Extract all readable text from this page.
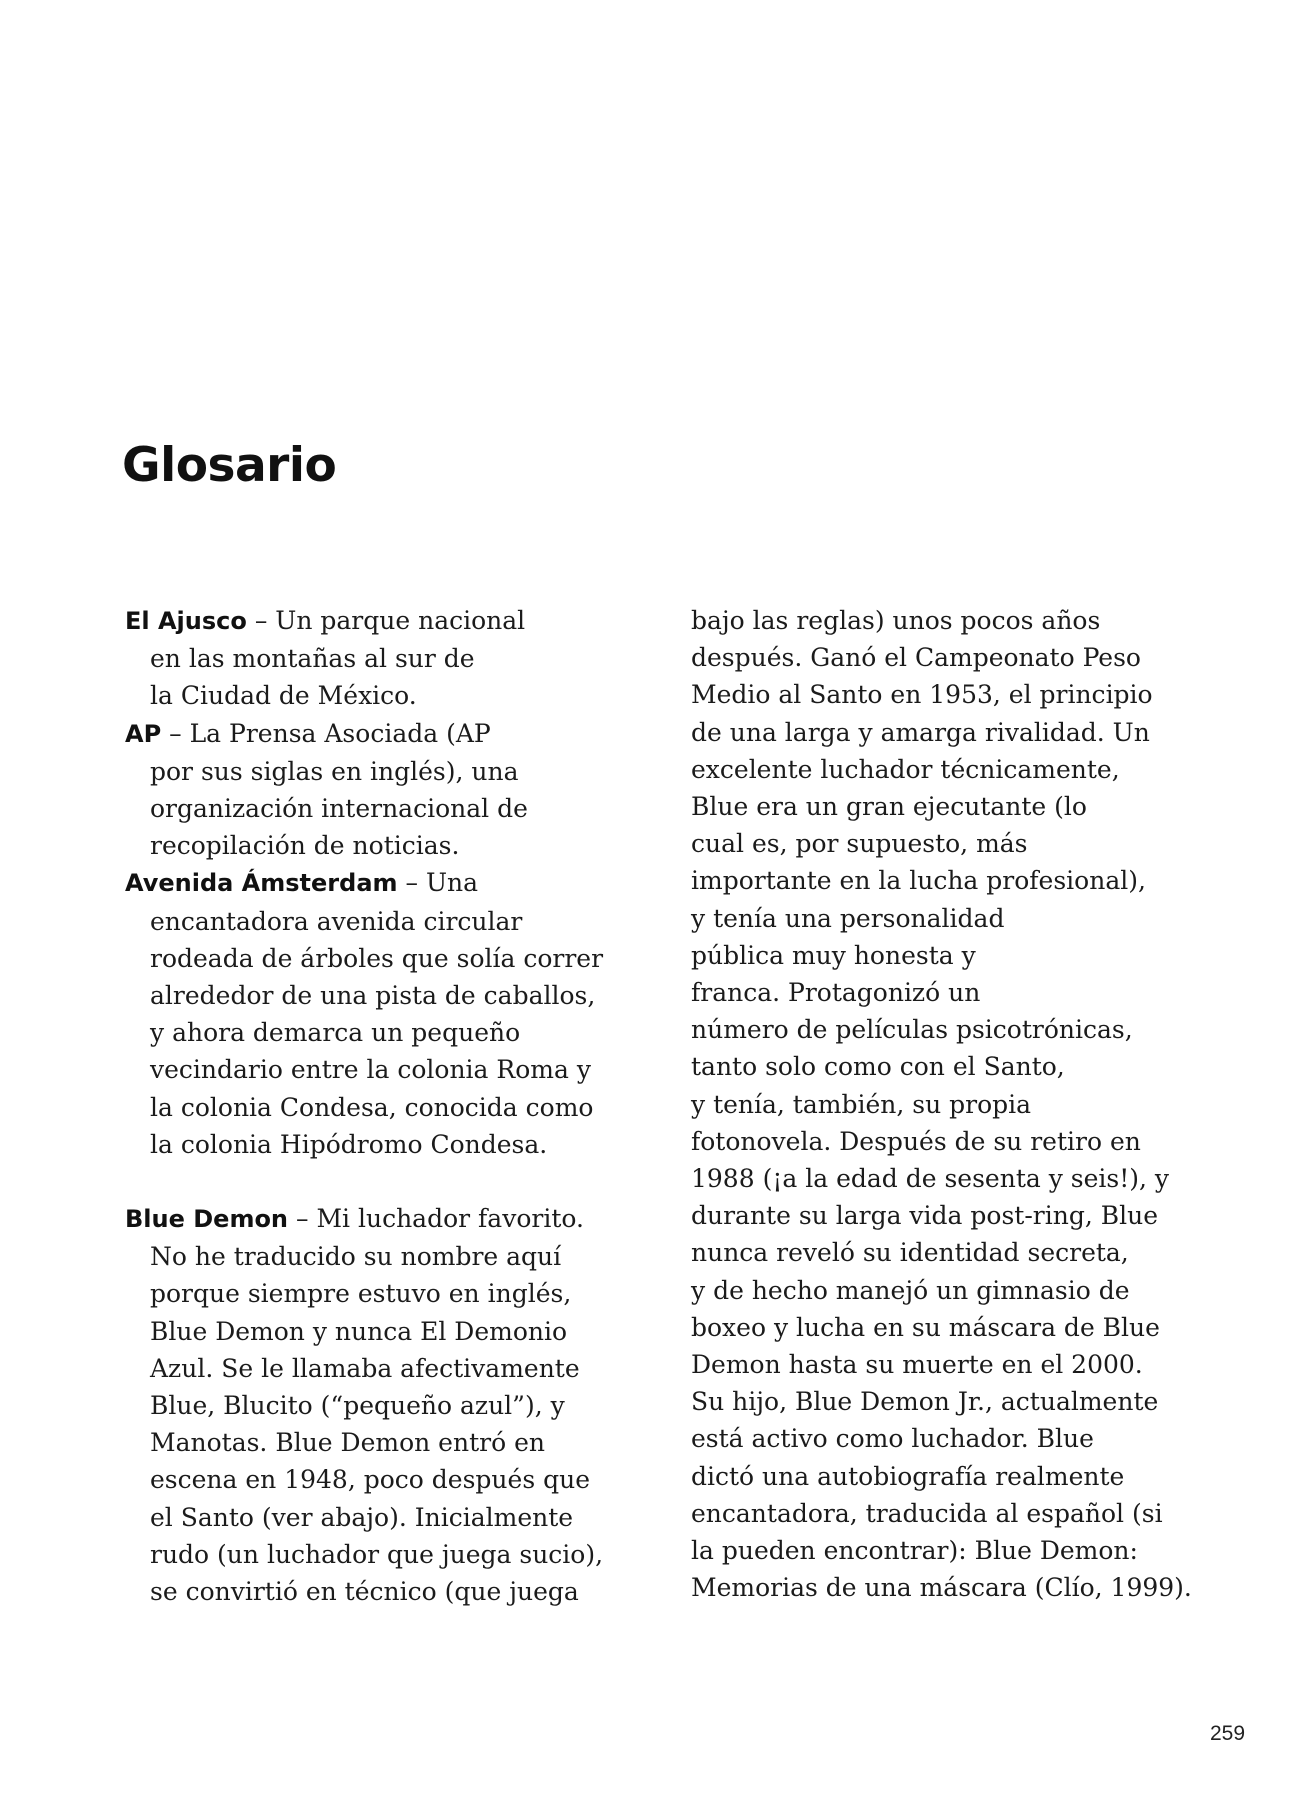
Glosario
El Ajusco – Un parque nacional
en las montañas al sur de
la Ciudad de México.
AP – La Prensa Asociada (AP
por sus siglas en inglés), una
organización internacional de
recopilación de noticias.
Avenida Ámsterdam – Una
encantadora avenida circular
rodeada de árboles que solía correr
alrededor de una pista de caballos,
y ahora demarca un pequeño
vecindario entre la colonia Roma y
la colonia Condesa, conocida como
la colonia Hipódromo Condesa.
Blue Demon – Mi luchador favorito.
No he traducido su nombre aquí
porque siempre estuvo en inglés,
Blue Demon y nunca El Demonio
Azul. Se le llamaba afectivamente
Blue, Blucito (“pequeño azul”), y
Manotas. Blue Demon entró en
escena en 1948, poco después que
el Santo (ver abajo). Inicialmente
rudo (un luchador que juega sucio),
se convirtió en técnico (que juega
bajo las reglas) unos pocos años
después. Ganó el Campeonato Peso
Medio al Santo en 1953, el principio
de una larga y amarga rivalidad. Un
excelente luchador técnicamente,
Blue era un gran ejecutante (lo
cual es, por supuesto, más
importante en la lucha profesional),
y tenía una personalidad
pública muy honesta y
franca. Protagonizó un
número de películas psicotrónicas,
tanto solo como con el Santo,
y tenía, también, su propia
fotonovela. Después de su retiro en
1988 (¡a la edad de sesenta y seis!), y
durante su larga vida post-ring, Blue
nunca reveló su identidad secreta,
y de hecho manejó un gimnasio de
boxeo y lucha en su máscara de Blue
Demon hasta su muerte en el 2000.
Su hijo, Blue Demon Jr., actualmente
está activo como luchador. Blue
dictó una autobiografía realmente
encantadora, traducida al español (si
la pueden encontrar): Blue Demon:
Memorias de una máscara (Clío, 1999).
259
